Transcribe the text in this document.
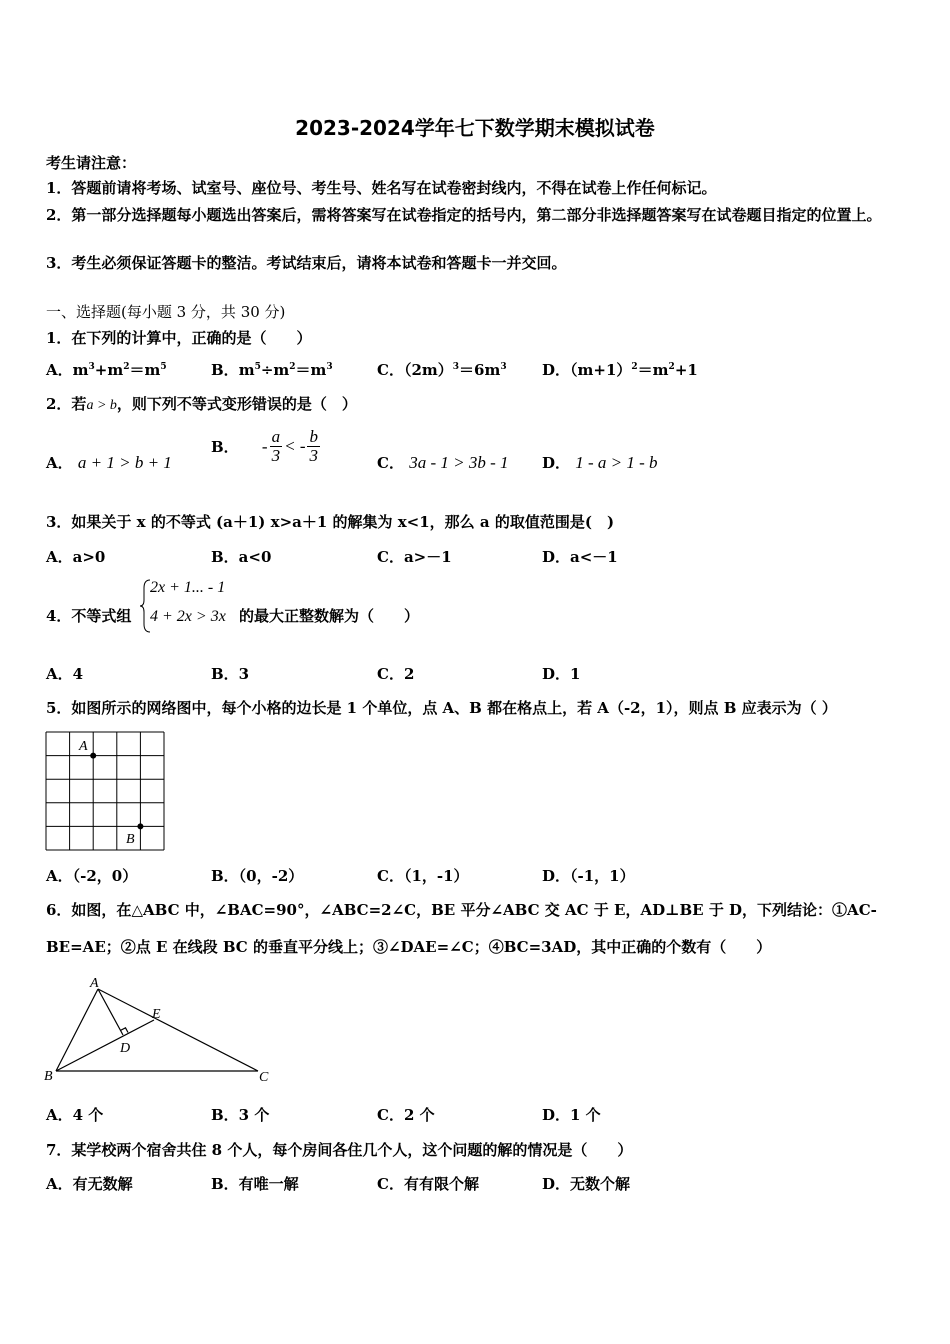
2023-2024学年七下数学期末模拟试卷
考生请注意：
1．答题前请将考场、试室号、座位号、考生号、姓名写在试卷密封线内，不得在试卷上作任何标记。
2．第一部分选择题每小题选出答案后，需将答案写在试卷指定的括号内，第二部分非选择题答案写在试卷题目指定的位置上。
3．考生必须保证答题卡的整洁。考试结束后，请将本试卷和答题卡一并交回。
一、选择题(每小题 3 分，共 30 分)
1．在下列的计算中，正确的是（　　）
A．$m^3+m^2=m^5$	B．$m^5\div m^2=m^3$	C．$(2m)^3=6m^3$ D．$(m+1)^2=m^2+1$
2．若a > b，则下列不等式变形错误的是（　）
A． a + 1 > b + 1
B． - $\frac{a}{3}$ < - $\frac{b}{3}$	C． 3a - 1 > 3b - 1 D． 1 - a > 1 - b
3．如果关于 x 的不等式 (a＋1) x>a＋1 的解集为 x<1，那么 a 的取值范围是(　)
A．a>0	B．a<0	C．a>－1	D．a<－1
4．不等式组
2x + 1... - 1
4 + 2x > 3x 的最大正整数解为（　　）
A．4	B．3	C．2	D．1
5．如图所示的网络图中，每个小格的边长是 1 个单位，点 A、B 都在格点上，若 A（-2，1），则点 B 应表示为（ ）
A
B
A．（-2，0）	B．（0，-2）	C．（1，-1）	D．（-1，1）
6．如图，在△ABC 中，∠BAC=90°，∠ABC=2∠C，BE 平分∠ABC 交 AC 于 E，AD⊥BE 于 D，下列结论：①AC-
BE=AE；②点 E 在线段 BC 的垂直平分线上；③∠DAE=∠C；④BC=3AD，其中正确的个数有（　　）
A
B	C
D
E
A．4 个	B．3 个	C．2 个	D．1 个
7．某学校两个宿舍共住 8 个人，每个房间各住几个人，这个问题的解的情况是（　　）
A．有无数解	B．有唯一解	C．有有限个解	D．无数个解
